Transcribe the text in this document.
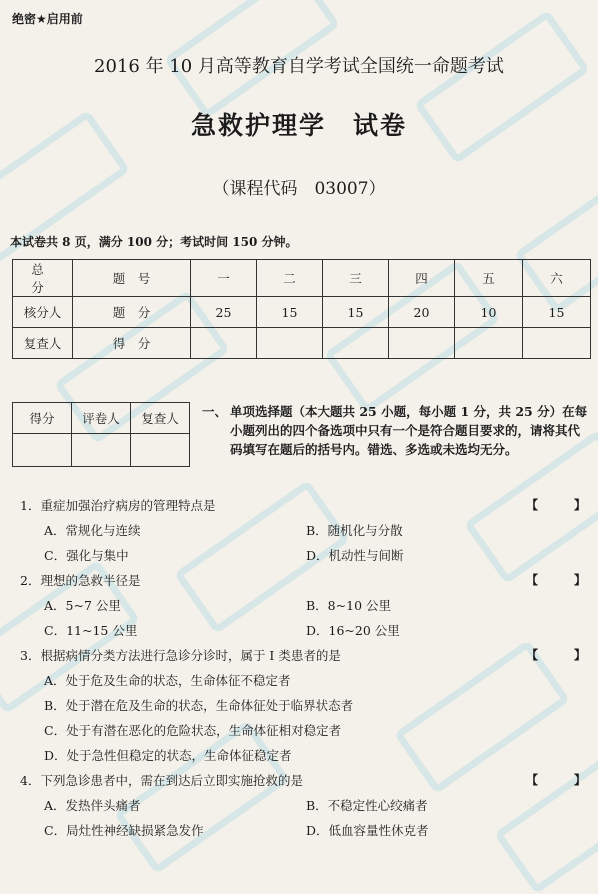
绝密★启用前
2016 年 10 月高等教育自学考试全国统一命题考试
急救护理学　试卷
（课程代码　03007）
本试卷共 8 页，满分 100 分；考试时间 150 分钟。
总　分	题　号	一	二	三	四	五	六
核分人	题　分	25	15	15	20	10	15
复查人	得　分						
得分	评卷人	复查人
		一、 单项选择题（本大题共 25 小题，每小题 1 分，共 25 分）在每小题列出的四个备选项中只有一个是符合题目要求的，请将其代码填写在题后的括号内。错选、多选或未选均无分。
1．重症加强治疗病房的管理特点是	【	】
A．常规化与连续	B．随机化与分散
C．强化与集中	D．机动性与间断
2．理想的急救半径是	【	】
A．5~7 公里	B．8~10 公里
C．11~15 公里	D．16~20 公里
3．根据病情分类方法进行急诊分诊时，属于 I 类患者的是	【	】
A．处于危及生命的状态，生命体征不稳定者
B．处于潜在危及生命的状态，生命体征处于临界状态者
C．处于有潜在恶化的危险状态，生命体征相对稳定者
D．处于急性但稳定的状态，生命体征稳定者
4．下列急诊患者中，需在到达后立即实施抢救的是	【	】
A．发热伴头痛者	B．不稳定性心绞痛者
C．局灶性神经缺损紧急发作	D．低血容量性休克者
